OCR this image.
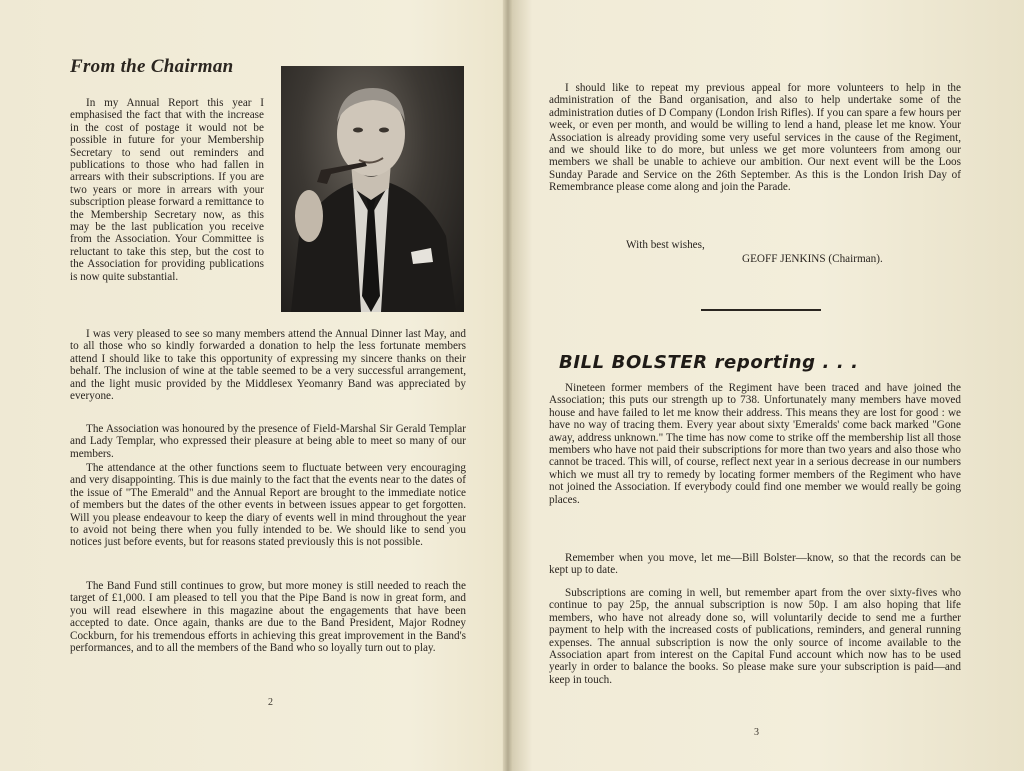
From the Chairman

In my Annual Report this year I emphasised the fact that with the increase in the cost of postage it would not be possible in future for your Membership Secretary to send out reminders and publications to those who had fallen in arrears with their subscriptions. If you are two years or more in arrears with your subscription please forward a remittance to the Membership Secretary now, as this may be the last publication you receive from the Association. Your Committee is reluctant to take this step, but the cost to the Association for providing publications is now quite substantial.

I was very pleased to see so many members attend the Annual Dinner last May, and to all those who so kindly forwarded a donation to help the less fortunate members attend I should like to take this opportunity of expressing my sincere thanks on their behalf. The inclusion of wine at the table seemed to be a very successful arrangement, and the light music provided by the Middlesex Yeomanry Band was appreciated by everyone.

The Association was honoured by the presence of Field-Marshal Sir Gerald Templar and Lady Templar, who expressed their pleasure at being able to meet so many of our members.

The attendance at the other functions seem to fluctuate between very encouraging and very disappointing. This is due mainly to the fact that the events near to the dates of the issue of "The Emerald" and the Annual Report are brought to the immediate notice of members but the dates of the other events in between issues appear to get forgotten. Will you please endeavour to keep the diary of events well in mind throughout the year to avoid not being there when you fully intended to be. We should like to send you notices just before events, but for reasons stated previously this is not possible.

The Band Fund still continues to grow, but more money is still needed to reach the target of £1,000. I am pleased to tell you that the Pipe Band is now in great form, and you will read elsewhere in this magazine about the engagements that have been accepted to date. Once again, thanks are due to the Band President, Major Rodney Cockburn, for his tremendous efforts in achieving this great improvement in the Band's performances, and to all the members of the Band who so loyally turn out to play.

2

I should like to repeat my previous appeal for more volunteers to help in the administration of the Band organisation, and also to help undertake some of the administration duties of D Company (London Irish Rifles). If you can spare a few hours per week, or even per month, and would be willing to lend a hand, please let me know. Your Association is already providing some very useful services in the cause of the Regiment, and we should like to do more, but unless we get more volunteers from among our members we shall be unable to achieve our ambition. Our next event will be the Loos Sunday Parade and Service on the 26th September. As this is the London Irish Day of Remembrance please come along and join the Parade.

With best wishes,
GEOFF JENKINS (Chairman).
BILL BOLSTER reporting . . .

Nineteen former members of the Regiment have been traced and have joined the Association; this puts our strength up to 738. Unfortunately many members have moved house and have failed to let me know their address. This means they are lost for good : we have no way of tracing them. Every year about sixty 'Emeralds' come back marked "Gone away, address unknown." The time has now come to strike off the membership list all those members who have not paid their subscriptions for more than two years and also those who cannot be traced. This will, of course, reflect next year in a serious decrease in our numbers which we must all try to remedy by locating former members of the Regiment who have not joined the Association. If everybody could find one member we would really be going places.

Remember when you move, let me—Bill Bolster—know, so that the records can be kept up to date.

Subscriptions are coming in well, but remember apart from the over sixty-fives who continue to pay 25p, the annual subscription is now 50p. I am also hoping that life members, who have not already done so, will voluntarily decide to send me a further payment to help with the increased costs of publications, reminders, and general running expenses. The annual subscription is now the only source of income available to the Association apart from interest on the Capital Fund account which now has to be used yearly in order to balance the books. So please make sure your subscription is paid—and keep in touch.

3
